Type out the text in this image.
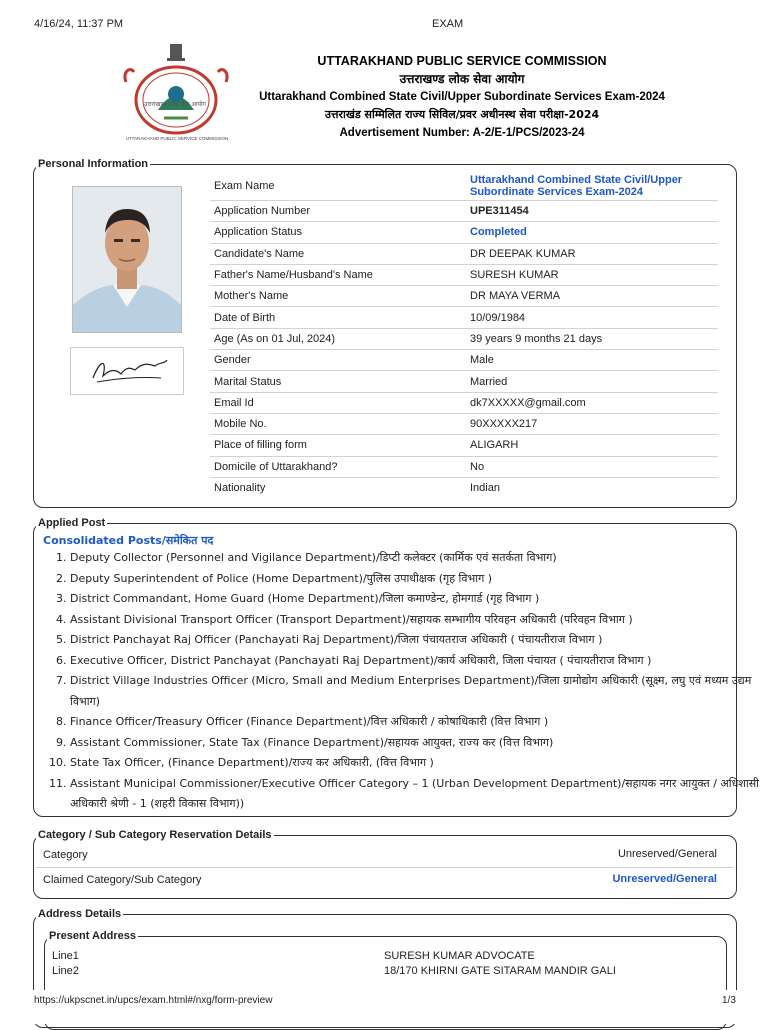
4/16/24, 11:37 PM	EXAM
उत्तराखण्ड लोक सेवा आयोग
UTTARAKHAND PUBLIC SERVICE COMMISSION
UTTARAKHAND PUBLIC SERVICE COMMISSION
उत्तराखण्ड लोक सेवा आयोग
Uttarakhand Combined State Civil/Upper Subordinate Services Exam-2024
उत्तराखंड सम्मिलित राज्य सिविल/प्रवर अधीनस्थ सेवा परीक्षा-2024
Advertisement Number: A-2/E-1/PCS/2023-24
Personal Information
Exam Name	Uttarakhand Combined State Civil/Upper Subordinate Services Exam-2024
Application Number	UPE311454
Application Status	Completed
Candidate's Name	DR DEEPAK KUMAR
Father's Name/Husband's Name	SURESH KUMAR
Mother's Name	DR MAYA VERMA
Date of Birth	10/09/1984
Age (As on 01 Jul, 2024)	39 years 9 months 21 days
Gender	Male
Marital Status	Married
Email Id	dk7XXXXX@gmail.com
Mobile No.	90XXXXX217
Place of filling form	ALIGARH
Domicile of Uttarakhand?	No
Nationality	Indian
Applied Post
Consolidated Posts/समेकित पद
1. Deputy Collector (Personnel and Vigilance Department)/डिप्टी कलेक्टर (कार्मिक एवं सतर्कता विभाग)
2. Deputy Superintendent of Police (Home Department)/पुलिस उपाधीक्षक (गृह विभाग )
3. District Commandant, Home Guard (Home Department)/जिला कमाण्डेन्ट, होमगार्ड (गृह विभाग )
4. Assistant Divisional Transport Officer (Transport Department)/सहायक सम्भागीय परिवहन अधिकारी (परिवहन विभाग )
5. District Panchayat Raj Officer (Panchayati Raj Department)/जिला पंचायतराज अधिकारी ( पंचायतीराज विभाग )
6. Executive Officer, District Panchayat (Panchayati Raj Department)/कार्य अधिकारी, जिला पंचायत ( पंचायतीराज विभाग )
7. District Village Industries Officer (Micro, Small and Medium Enterprises Department)/जिला ग्रामोद्योग अधिकारी (सूक्ष्म, लघु एवं मध्यम उद्यम विभाग)
8. Finance Officer/Treasury Officer (Finance Department)/वित्त अधिकारी / कोषाधिकारी (वित्त विभाग )
9. Assistant Commissioner, State Tax (Finance Department)/सहायक आयुक्त, राज्य कर (वित्त विभाग)
10. State Tax Officer, (Finance Department)/राज्य कर अधिकारी, (वित्त विभाग )
11. Assistant Municipal Commissioner/Executive Officer Category – 1 (Urban Development Department)/सहायक नगर आयुक्त / अधिशासी अधिकारी श्रेणी - 1 (शहरी विकास विभाग))
Category / Sub Category Reservation Details
Category	Unreserved/General
Claimed Category/Sub Category	Unreserved/General
Address Details
Present Address
Line1	SURESH KUMAR ADVOCATE
Line2	18/170 KHIRNI GATE SITARAM MANDIR GALI
https://ukpscnet.in/upcs/exam.html#/nxg/form-preview	1/3
